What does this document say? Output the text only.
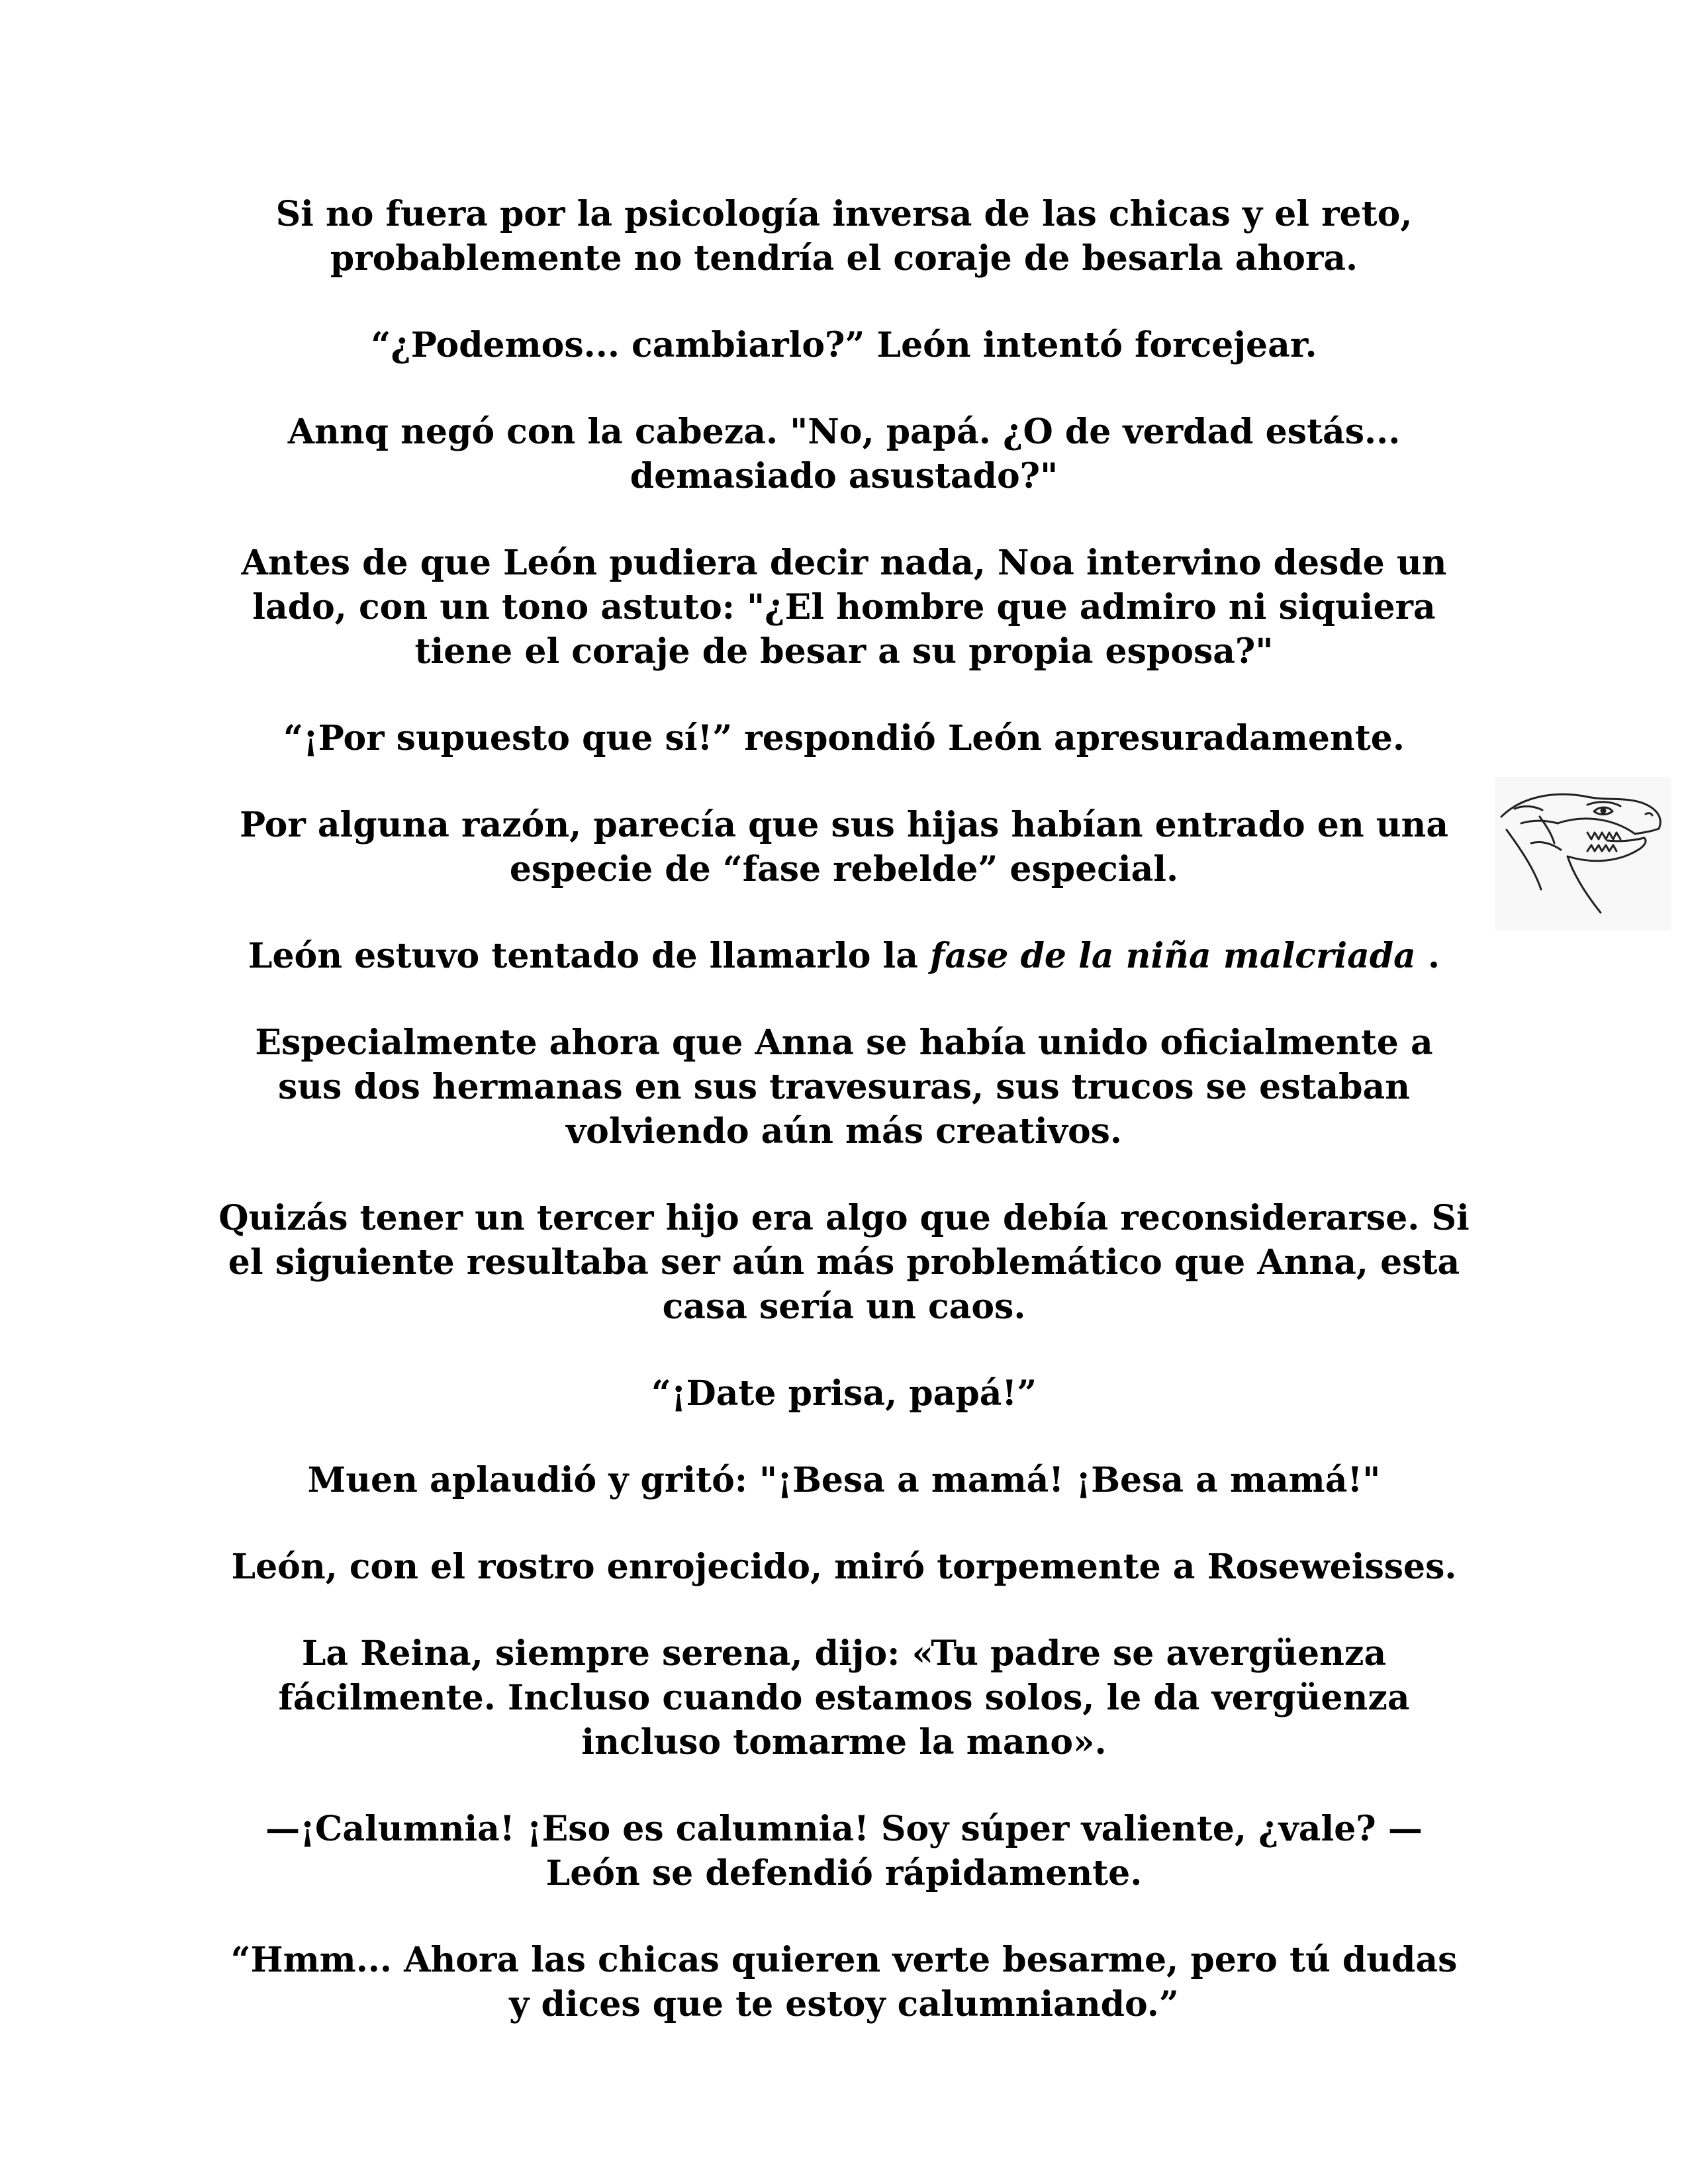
Si no fuera por la psicología inversa de las chicas y el reto, probablemente no tendría el coraje de besarla ahora.

“¿Podemos... cambiarlo?” León intentó forcejear.

Annq negó con la cabeza. "No, papá. ¿O de verdad estás... demasiado asustado?"

Antes de que León pudiera decir nada, Noa intervino desde un lado, con un tono astuto: "¿El hombre que admiro ni siquiera tiene el coraje de besar a su propia esposa?"

“¡Por supuesto que sí!” respondió León apresuradamente.

Por alguna razón, parecía que sus hijas habían entrado en una especie de “fase rebelde” especial.

León estuvo tentado de llamarlo la fase de la niña malcriada .

Especialmente ahora que Anna se había unido oficialmente a sus dos hermanas en sus travesuras, sus trucos se estaban volviendo aún más creativos.

Quizás tener un tercer hijo era algo que debía reconsiderarse. Si el siguiente resultaba ser aún más problemático que Anna, esta casa sería un caos.

“¡Date prisa, papá!”

Muen aplaudió y gritó: "¡Besa a mamá! ¡Besa a mamá!"

León, con el rostro enrojecido, miró torpemente a Roseweisses.

La Reina, siempre serena, dijo: «Tu padre se avergüenza fácilmente. Incluso cuando estamos solos, le da vergüenza incluso tomarme la mano».

—¡Calumnia! ¡Eso es calumnia! Soy súper valiente, ¿vale? — León se defendió rápidamente.

“Hmm... Ahora las chicas quieren verte besarme, pero tú dudas y dices que te estoy calumniando.”
